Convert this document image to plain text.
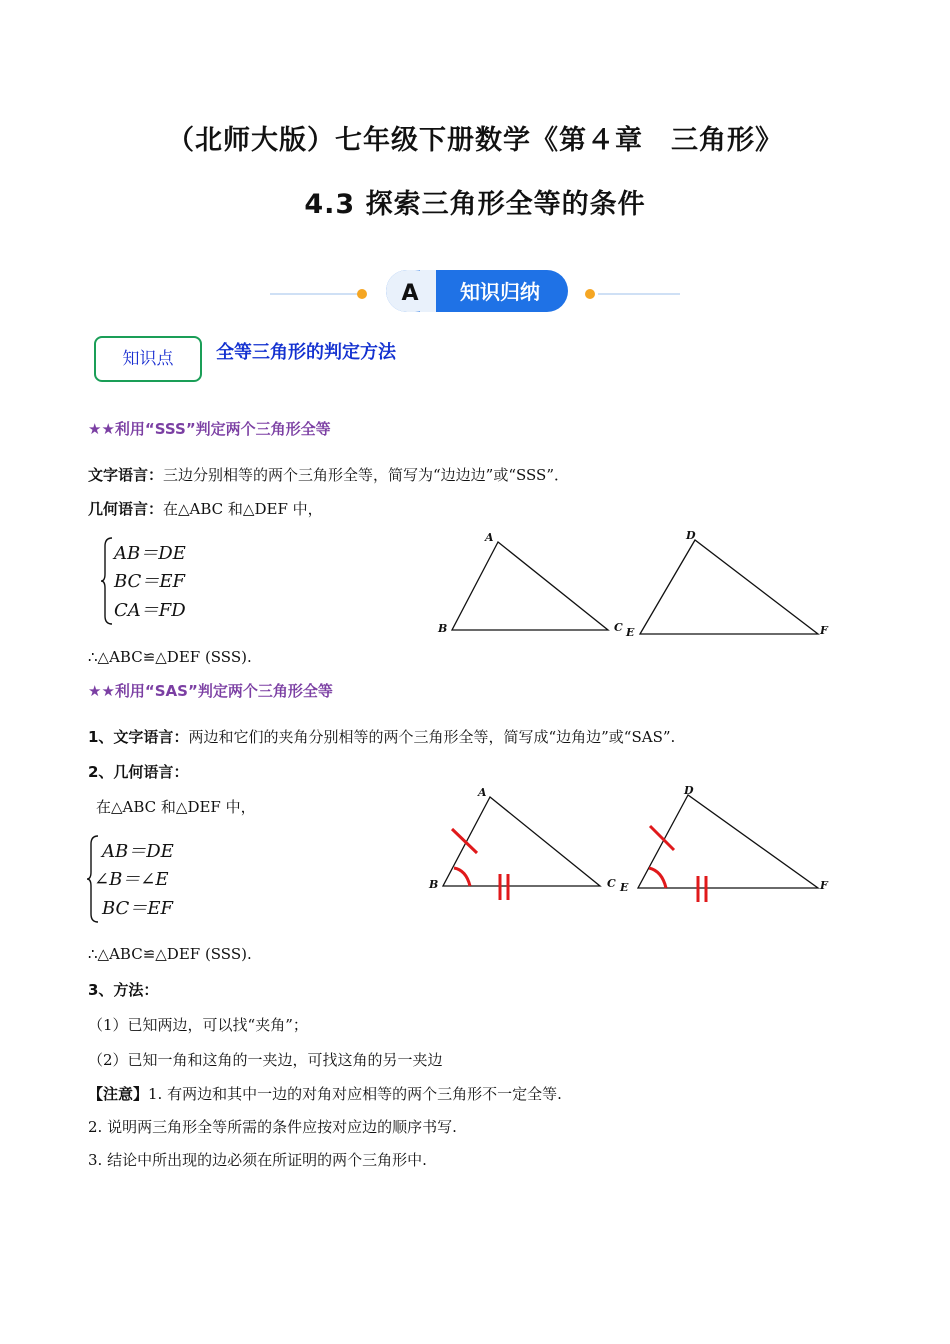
（北师大版）七年级下册数学《第４章　三角形》
4.3 探索三角形全等的条件
A 知识归纳
知识点	全等三角形的判定方法
★★利用“SSS”判定两个三角形全等
文字语言：三边分别相等的两个三角形全等，简写为“边边边”或“SSS”．
几何语言：在△ABC 和△DEF 中，
AB＝DE
BC＝EF
CA＝FD
∴△ABC≌△DEF (SSS).
A
B	C
D
E	F
★★利用“SAS”判定两个三角形全等
1、文字语言：两边和它们的夹角分别相等的两个三角形全等，简写成“边角边”或“SAS”.
2、几何语言：
在△ABC 和△DEF 中，
AB＝DE
∠B＝∠E
BC＝EF
∴△ABC≌△DEF (SSS).
A
B	C
D
E	F
3、方法：
（1）已知两边，可以找“夹角”；
（2）已知一角和这角的一夹边，可找这角的另一夹边
【注意】1. 有两边和其中一边的对角对应相等的两个三角形不一定全等.
2. 说明两三角形全等所需的条件应按对应边的顺序书写.
3. 结论中所出现的边必须在所证明的两个三角形中.
